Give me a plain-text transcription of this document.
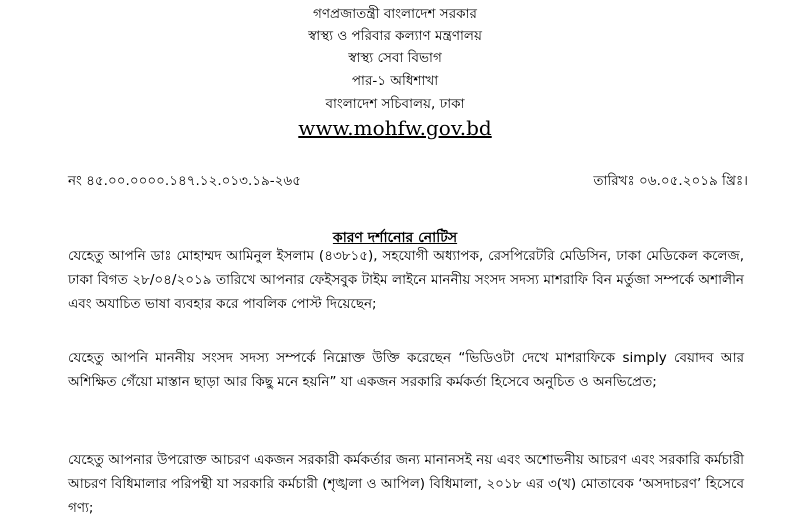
গণপ্রজাতন্ত্রী বাংলাদেশ সরকার
স্বাস্থ্য ও পরিবার কল্যাণ মন্ত্রণালয়
স্বাস্থ্য সেবা বিভাগ
পার-১ অধিশাখা
বাংলাদেশ সচিবালয়, ঢাকা
www.mohfw.gov.bd
নং ৪৫.০০.০০০০.১৪৭.১২.০১৩.১৯-২৬৫	তারিখঃ ০৬.০৫.২০১৯ খ্রিঃ।
কারণ দর্শানোর নোটিস

যেহেতু আপনি ডাঃ মোহাম্মদ আমিনুল ইসলাম (৪৩৮১৫), সহযোগী অধ্যাপক, রেসপিরেটরি মেডিসিন, ঢাকা মেডিকেল কলেজ, ঢাকা বিগত ২৮/০৪/২০১৯ তারিখে আপনার ফেইসবুক টাইম লাইনে মাননীয় সংসদ সদস্য মাশরাফি বিন মর্তুজা সম্পর্কে অশালীন এবং অযাচিত ভাষা ব্যবহার করে পাবলিক পোস্ট দিয়েছেন;

যেহেতু আপনি মাননীয় সংসদ সদস্য সম্পর্কে নিম্নোক্ত উক্তি করেছেন “ভিডিওটা দেখে মাশরাফিকে simply বেয়াদব আর অশিক্ষিত গেঁয়ো মাস্তান ছাড়া আর কিছু মনে হয়নি” যা একজন সরকারি কর্মকর্তা হিসেবে অনুচিত ও অনভিপ্রেত;

যেহেতু আপনার উপরোক্ত আচরণ একজন সরকারী কর্মকর্তার জন্য মানানসই নয় এবং অশোভনীয় আচরণ এবং সরকারি কর্মচারী আচরণ বিধিমালার পরিপন্থী যা সরকারি কর্মচারী (শৃঙ্খলা ও আপিল) বিধিমালা, ২০১৮ এর ৩(খ) মোতাবেক ‘অসদাচরণ’ হিসেবে গণ্য;
